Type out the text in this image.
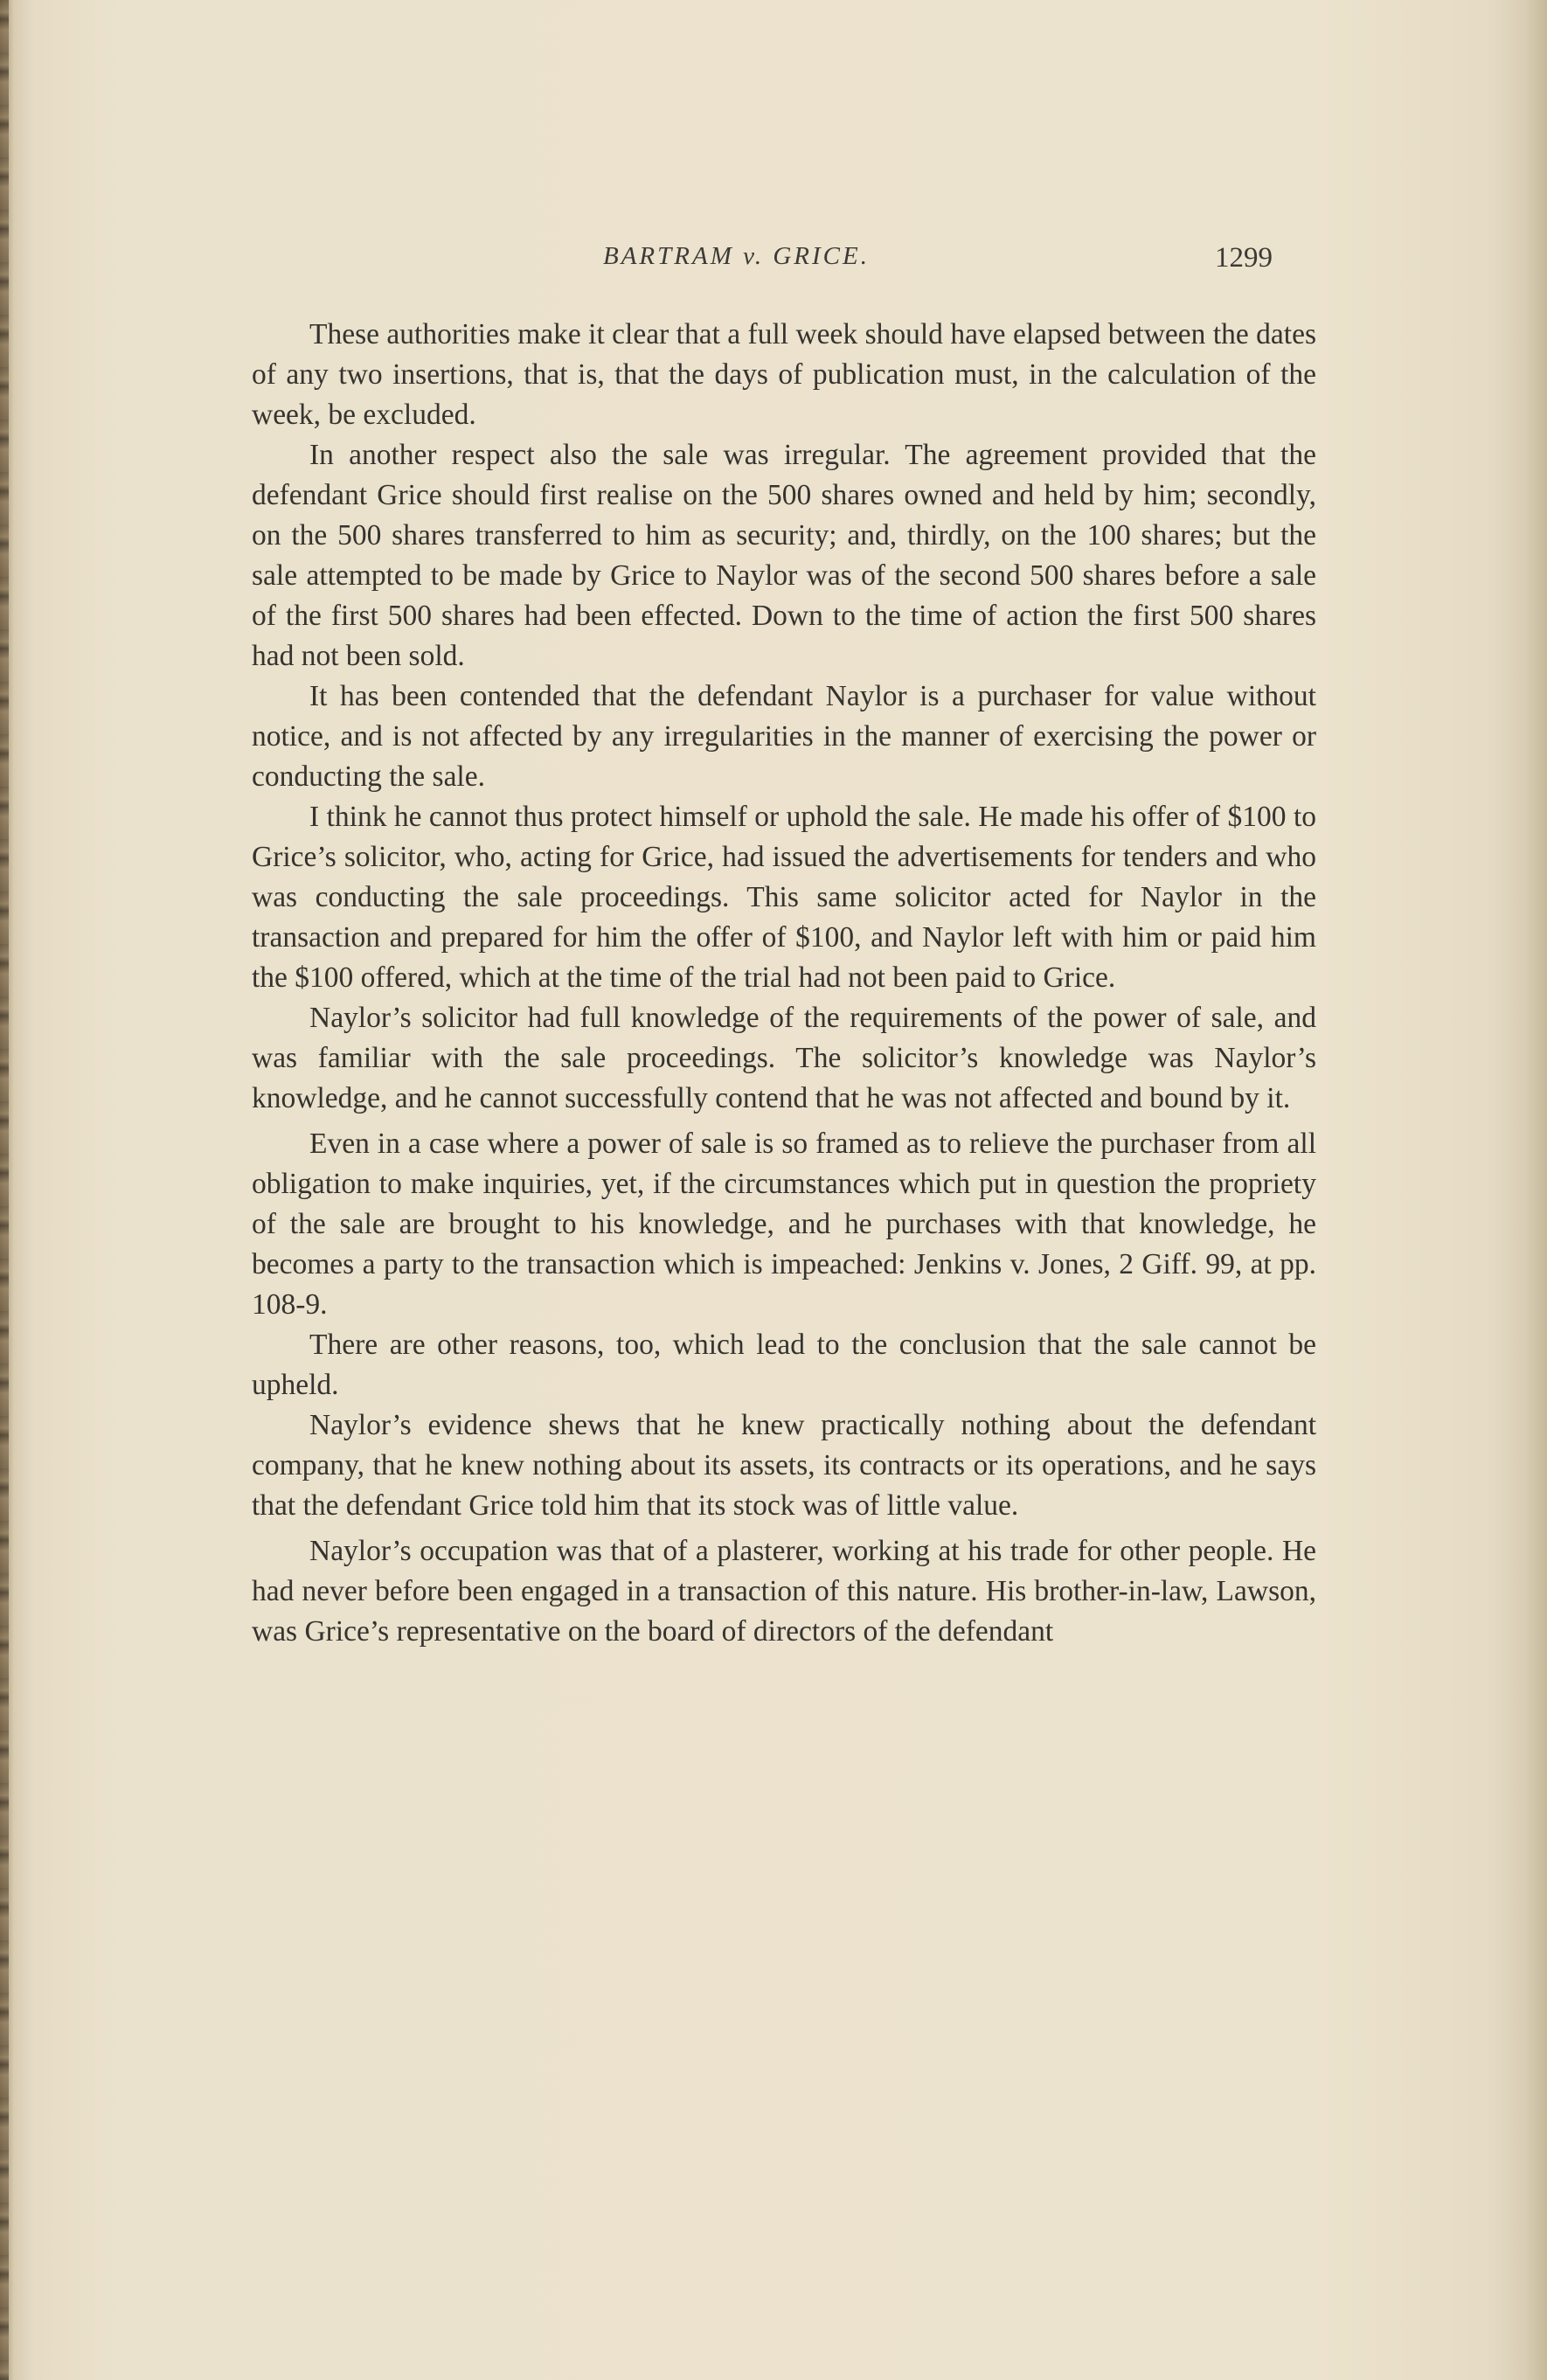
BARTRAM v. GRICE.	1299

These authorities make it clear that a full week should have elapsed between the dates of any two insertions, that is, that the days of publication must, in the calculation of the week, be excluded.

In another respect also the sale was irregular. The agreement provided that the defendant Grice should first realise on the 500 shares owned and held by him; secondly, on the 500 shares transferred to him as security; and, thirdly, on the 100 shares; but the sale attempted to be made by Grice to Naylor was of the second 500 shares before a sale of the first 500 shares had been effected. Down to the time of action the first 500 shares had not been sold.

It has been contended that the defendant Naylor is a purchaser for value without notice, and is not affected by any irregularities in the manner of exercising the power or conducting the sale.

I think he cannot thus protect himself or uphold the sale. He made his offer of $100 to Grice’s solicitor, who, acting for Grice, had issued the advertisements for tenders and who was conducting the sale proceedings. This same solicitor acted for Naylor in the transaction and prepared for him the offer of $100, and Naylor left with him or paid him the $100 offered, which at the time of the trial had not been paid to Grice.

Naylor’s solicitor had full knowledge of the requirements of the power of sale, and was familiar with the sale proceedings. The solicitor’s knowledge was Naylor’s knowledge, and he cannot successfully contend that he was not affected and bound by it.

Even in a case where a power of sale is so framed as to relieve the purchaser from all obligation to make inquiries, yet, if the circumstances which put in question the propriety of the sale are brought to his knowledge, and he purchases with that knowledge, he becomes a party to the transaction which is impeached: Jenkins v. Jones, 2 Giff. 99, at pp. 108-9.

There are other reasons, too, which lead to the conclusion that the sale cannot be upheld.

Naylor’s evidence shews that he knew practically nothing about the defendant company, that he knew nothing about its assets, its contracts or its operations, and he says that the defendant Grice told him that its stock was of little value.

Naylor’s occupation was that of a plasterer, working at his trade for other people. He had never before been engaged in a transaction of this nature. His brother-in-law, Lawson, was Grice’s representative on the board of directors of the defendant
